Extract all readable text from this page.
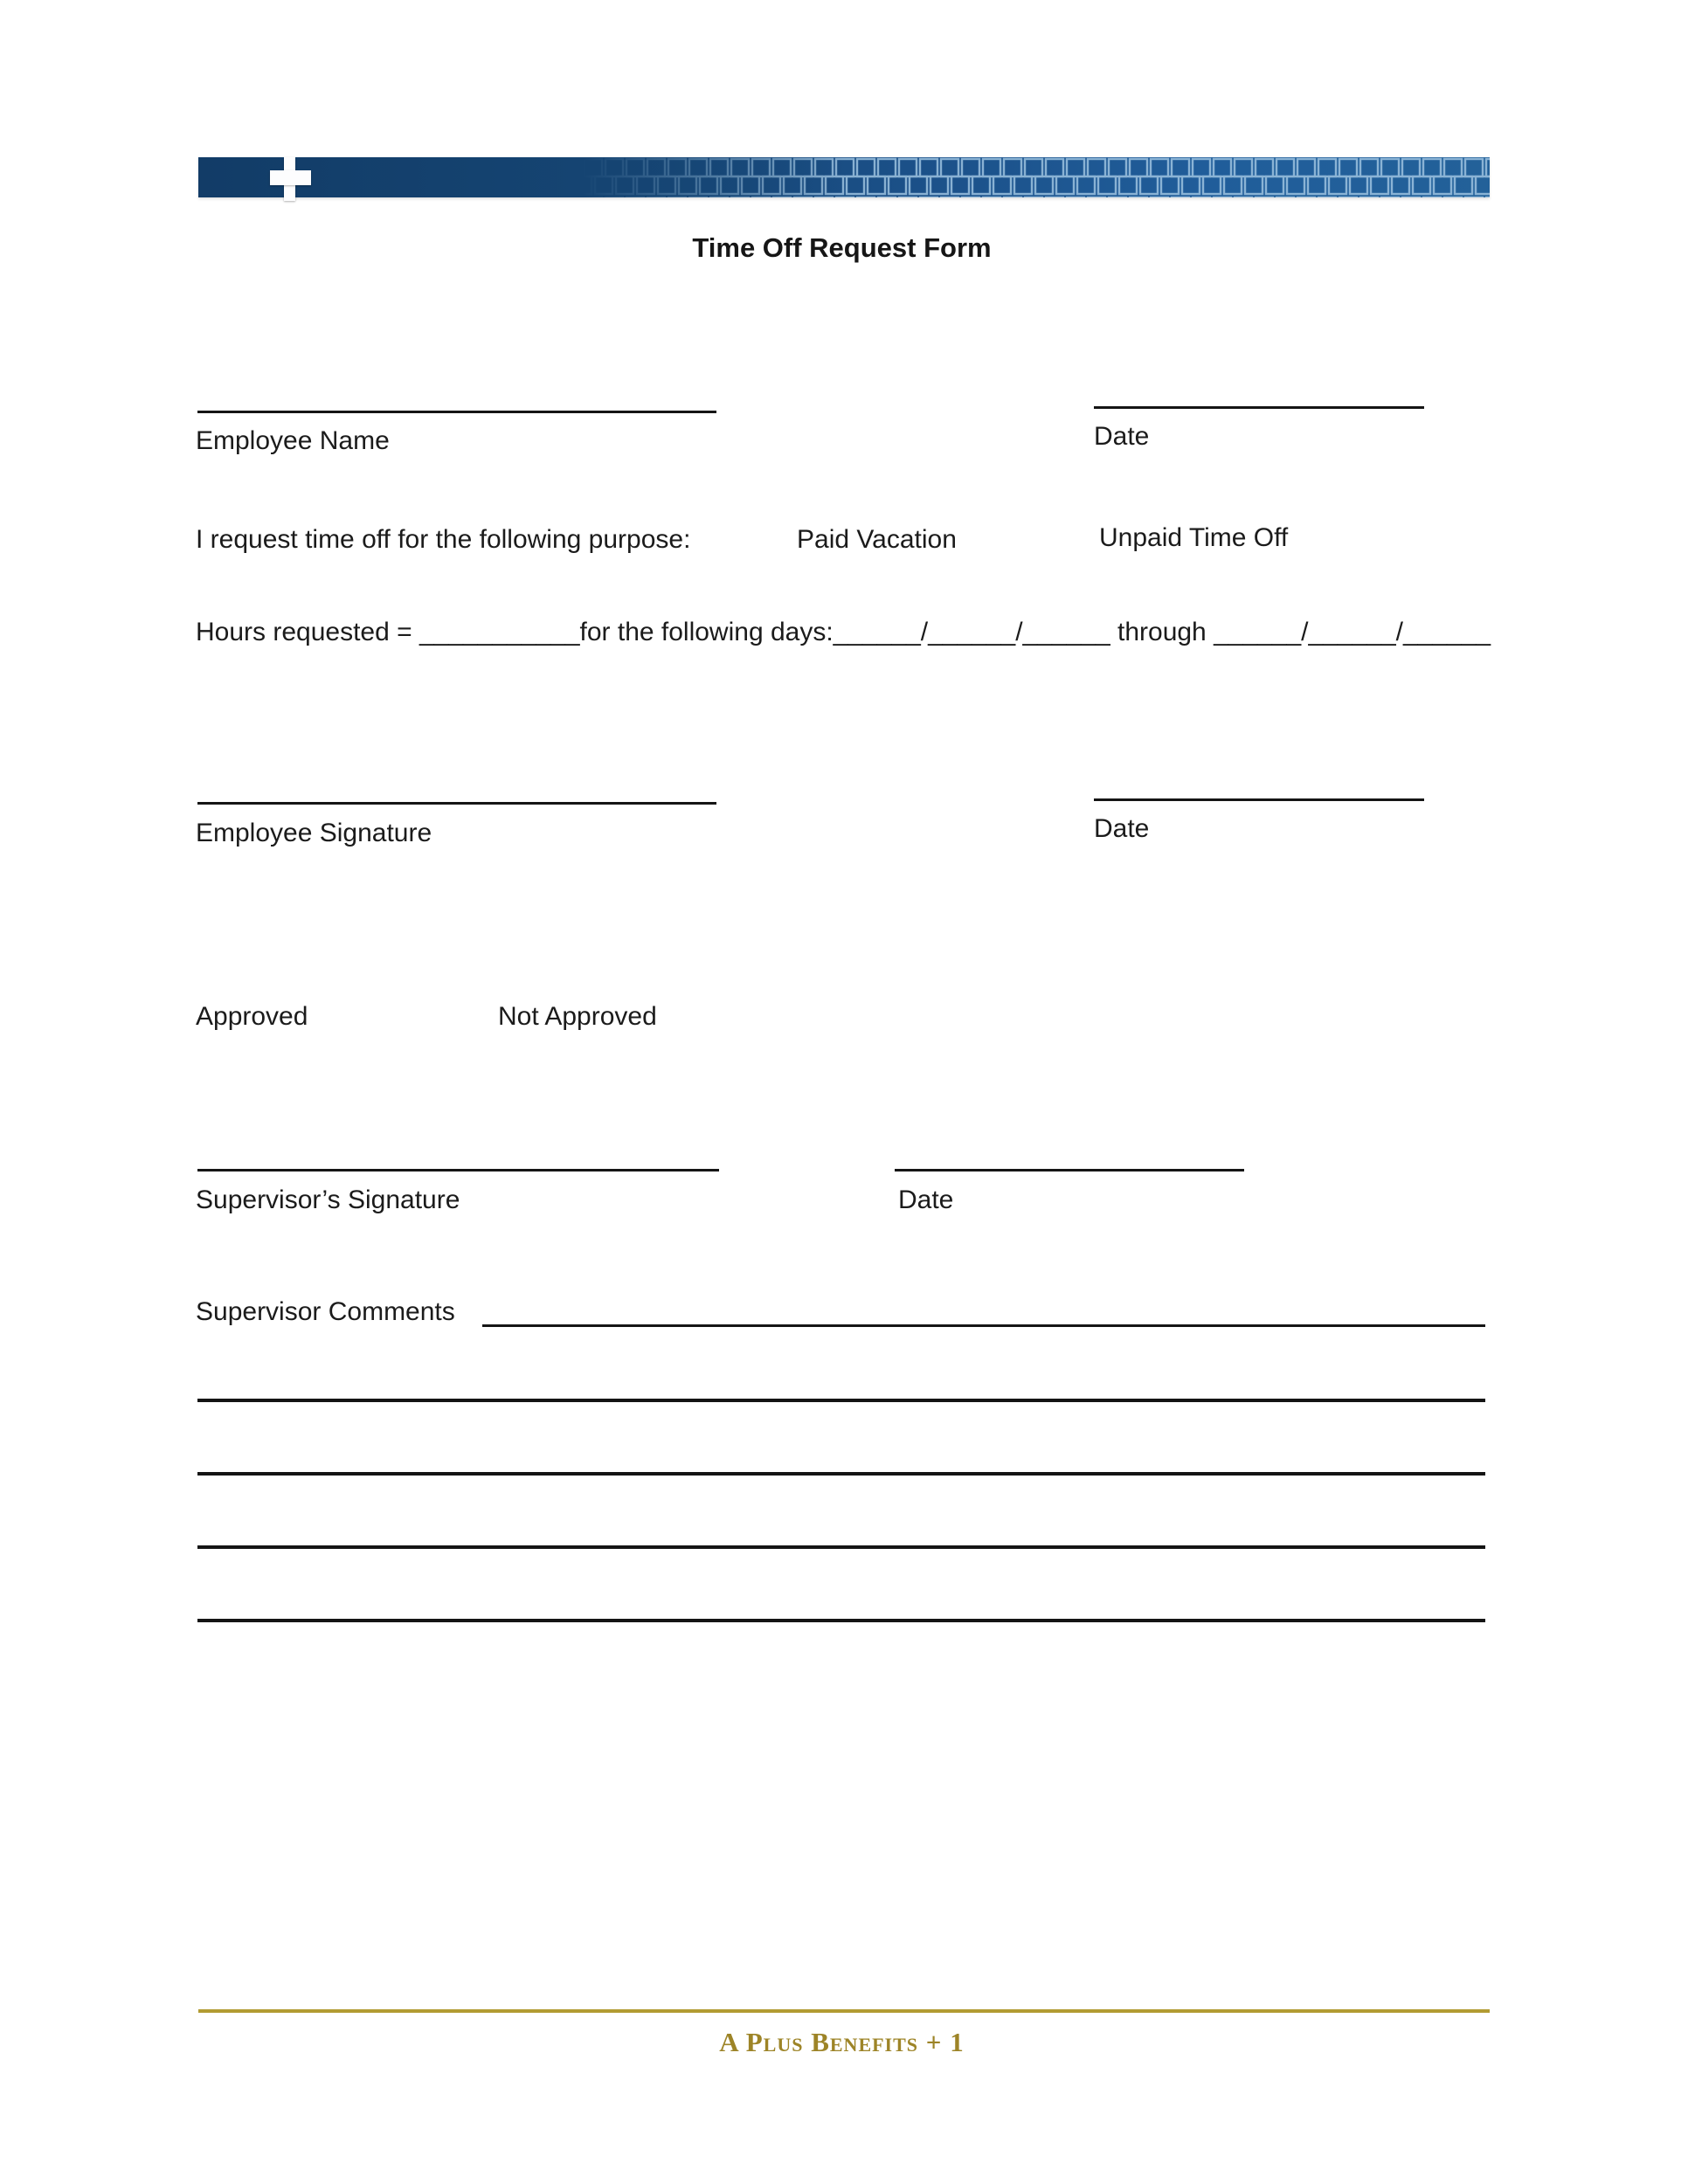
Time Off Request Form
Employee Name	Date
I request time off for the following purpose:	Paid Vacation	Unpaid Time Off
Hours requested = ___________for the following days:______/______/______ through ______/______/______
Employee Signature	Date
Approved	Not Approved
Supervisor’s Signature	Date
Supervisor Comments
A Plus Benefits + 1
